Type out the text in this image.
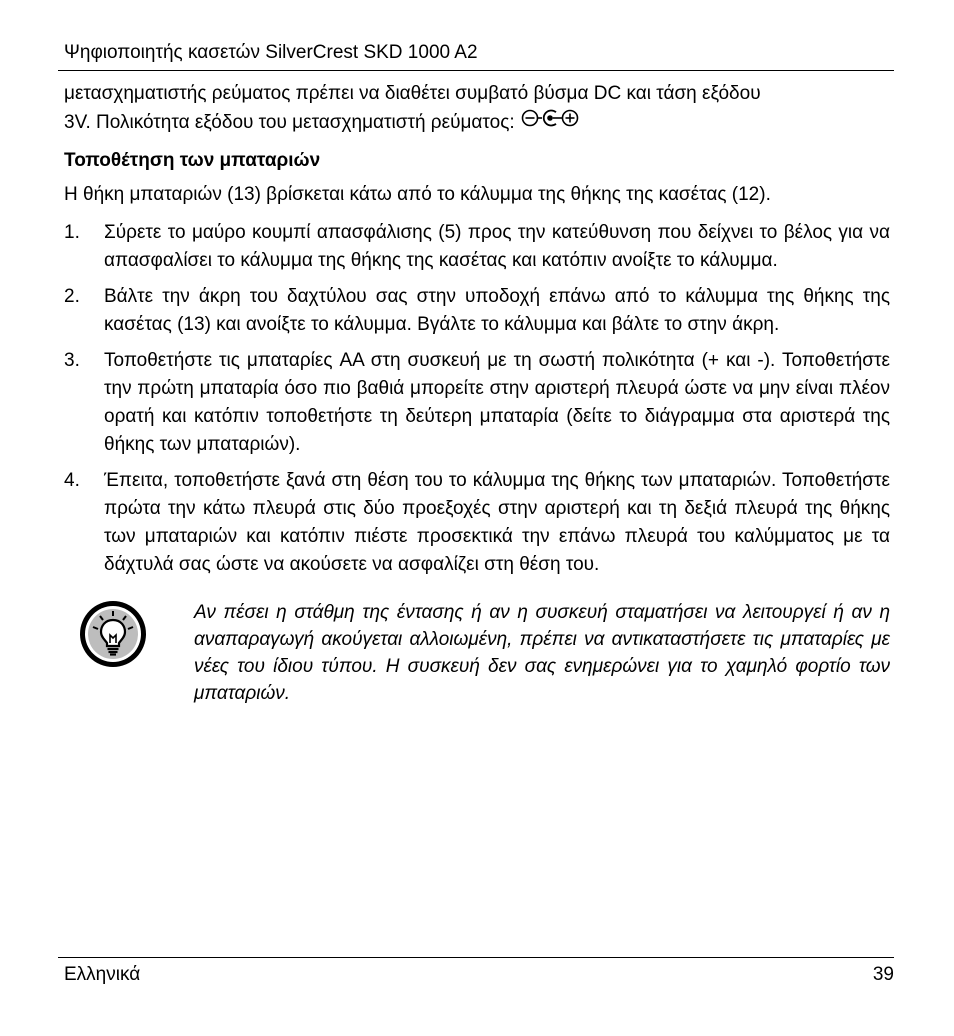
Ψηφιοποιητής κασετών SilverCrest SKD 1000 A2

μετασχηματιστής ρεύματος πρέπει να διαθέτει συμβατό βύσμα DC και τάση εξόδου

3V. Πολικότητα εξόδου του μετασχηματιστή ρεύματος:

Τοποθέτηση των μπαταριών

Η θήκη μπαταριών (13) βρίσκεται κάτω από το κάλυμμα της θήκης της κασέτας (12).

1.	Σύρετε το μαύρο κουμπί απασφάλισης (5) προς την κατεύθυνση που δείχνει το βέλος για να απασφαλίσει το κάλυμμα της θήκης της κασέτας και κατόπιν ανοίξτε το κάλυμμα.
2.	Βάλτε την άκρη του δαχτύλου σας στην υποδοχή επάνω από το κάλυμμα της θήκης της κασέτας (13) και ανοίξτε το κάλυμμα. Βγάλτε το κάλυμμα και βάλτε το στην άκρη.
3.	Τοποθετήστε τις μπαταρίες AA στη συσκευή με τη σωστή πολικότητα (+ και -). Τοποθετήστε την πρώτη μπαταρία όσο πιο βαθιά μπορείτε στην αριστερή πλευρά ώστε να μην είναι πλέον ορατή και κατόπιν τοποθετήστε τη δεύτερη μπαταρία (δείτε το διάγραμμα στα αριστερά της θήκης των μπαταριών).
4.	Έπειτα, τοποθετήστε ξανά στη θέση του το κάλυμμα της θήκης των μπαταριών. Τοποθετήστε πρώτα την κάτω πλευρά στις δύο προεξοχές στην αριστερή και τη δεξιά πλευρά της θήκης των μπαταριών και κατόπιν πιέστε προσεκτικά την επάνω πλευρά του καλύμματος με τα δάχτυλά σας ώστε να ακούσετε να ασφαλίζει στη θέση του.

Αν πέσει η στάθμη της έντασης ή αν η συσκευή σταματήσει να λειτουργεί ή αν η αναπαραγωγή ακούγεται αλλοιωμένη, πρέπει να αντικαταστήσετε τις μπαταρίες με νέες του ίδιου τύπου. Η συσκευή δεν σας ενημερώνει για το χαμηλό φορτίο των μπαταριών.

Ελληνικά	39
